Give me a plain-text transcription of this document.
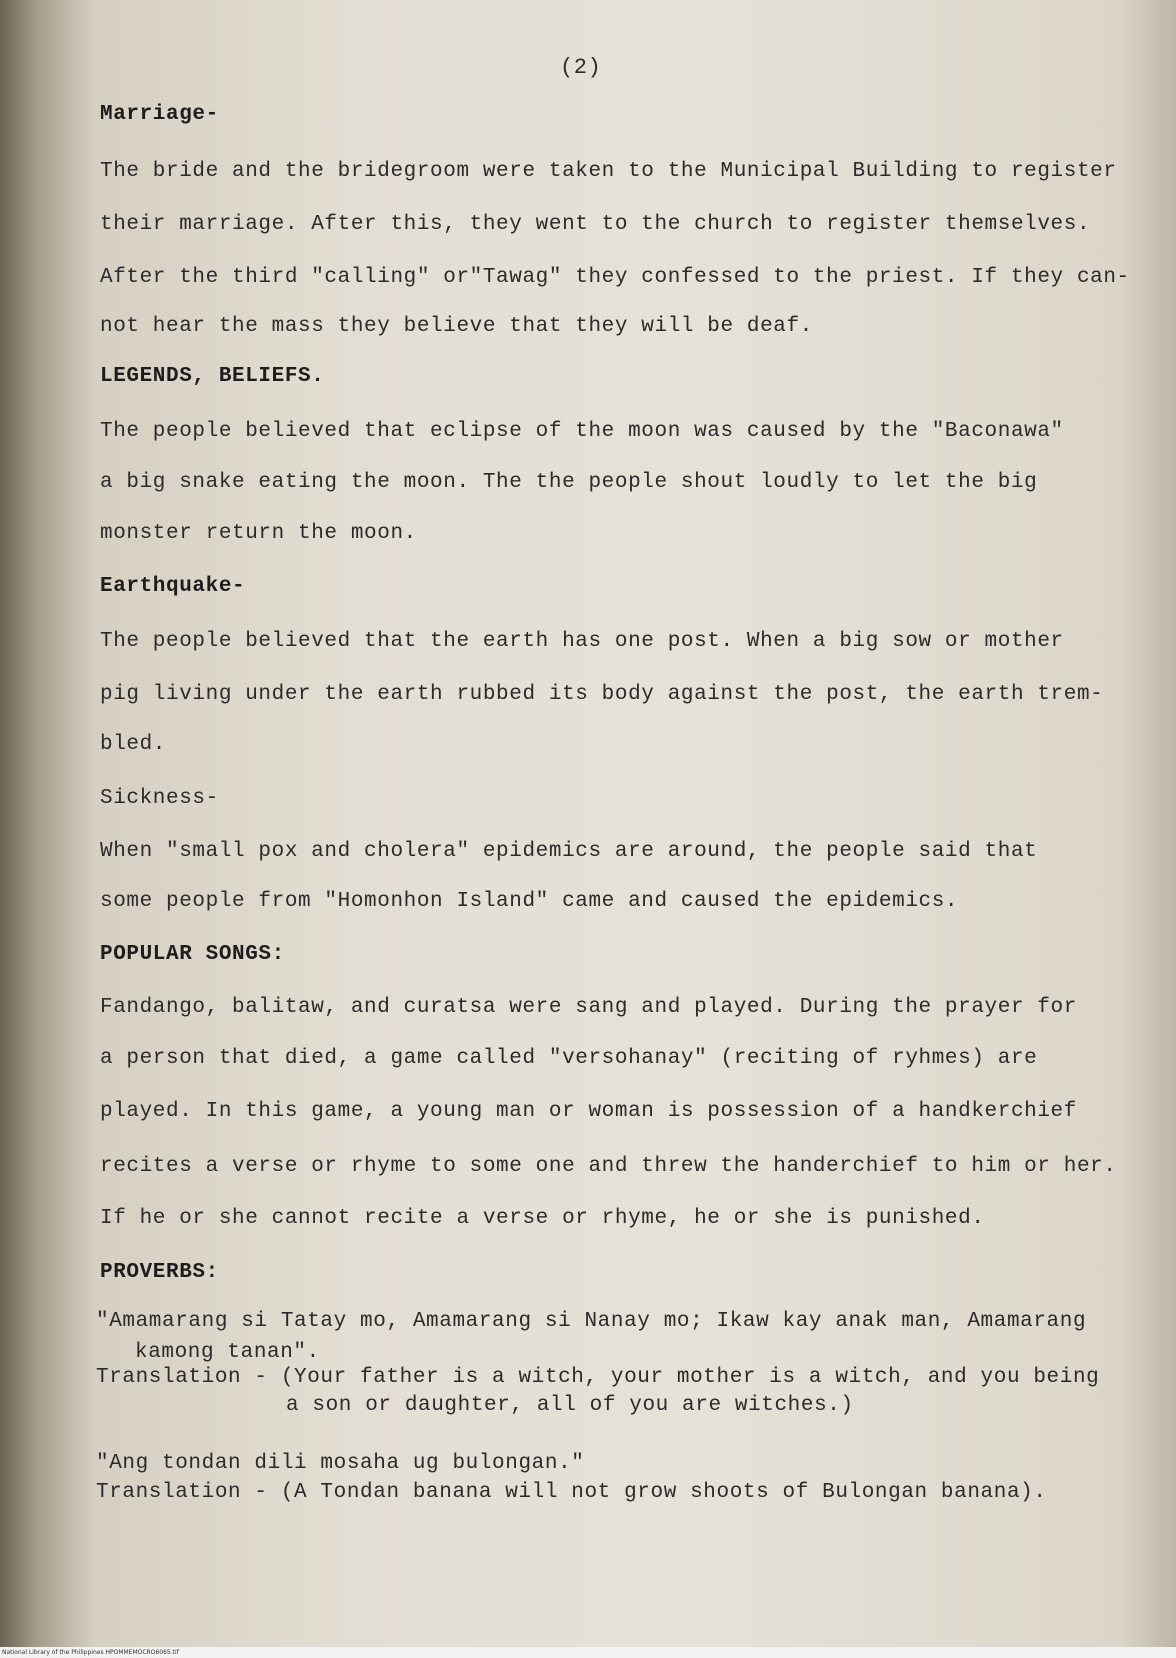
(2)
Marriage-
The bride and the bridegroom were taken to the Municipal Building to register
their marriage. After this, they went to the church to register themselves.
After the third "calling" or"Tawag" they confessed to the priest. If they can-
not hear the mass they believe that they will be deaf.
LEGENDS, BELIEFS.
The people believed that eclipse of the moon was caused by the "Baconawa"
a big snake eating the moon. The the people shout loudly to let the big
monster return the moon.
Earthquake-
The people believed that the earth has one post. When a big sow or mother
pig living under the earth rubbed its body against the post, the earth trem-
bled.
Sickness-
When "small pox and cholera" epidemics are around, the people said that
some people from "Homonhon Island" came and caused the epidemics.
POPULAR SONGS:
Fandango, balitaw, and curatsa were sang and played. During the prayer for
a person that died, a game called "versohanay" (reciting of ryhmes) are
played. In this game, a young man or woman is possession of a handkerchief
recites a verse or rhyme to some one and threw the handerchief to him or her.
If he or she cannot recite a verse or rhyme, he or she is punished.
PROVERBS:
"Amamarang si Tatay mo, Amamarang si Nanay mo; Ikaw kay anak man, Amamarang
kamong tanan".
Translation - (Your father is a witch, your mother is a witch, and you being
a son or daughter, all of you are witches.)
"Ang tondan dili mosaha ug bulongan."
Translation - (A Tondan banana will not grow shoots of Bulongan banana).
National Library of the Philippines HPOMMEMOCRO6065.tif
